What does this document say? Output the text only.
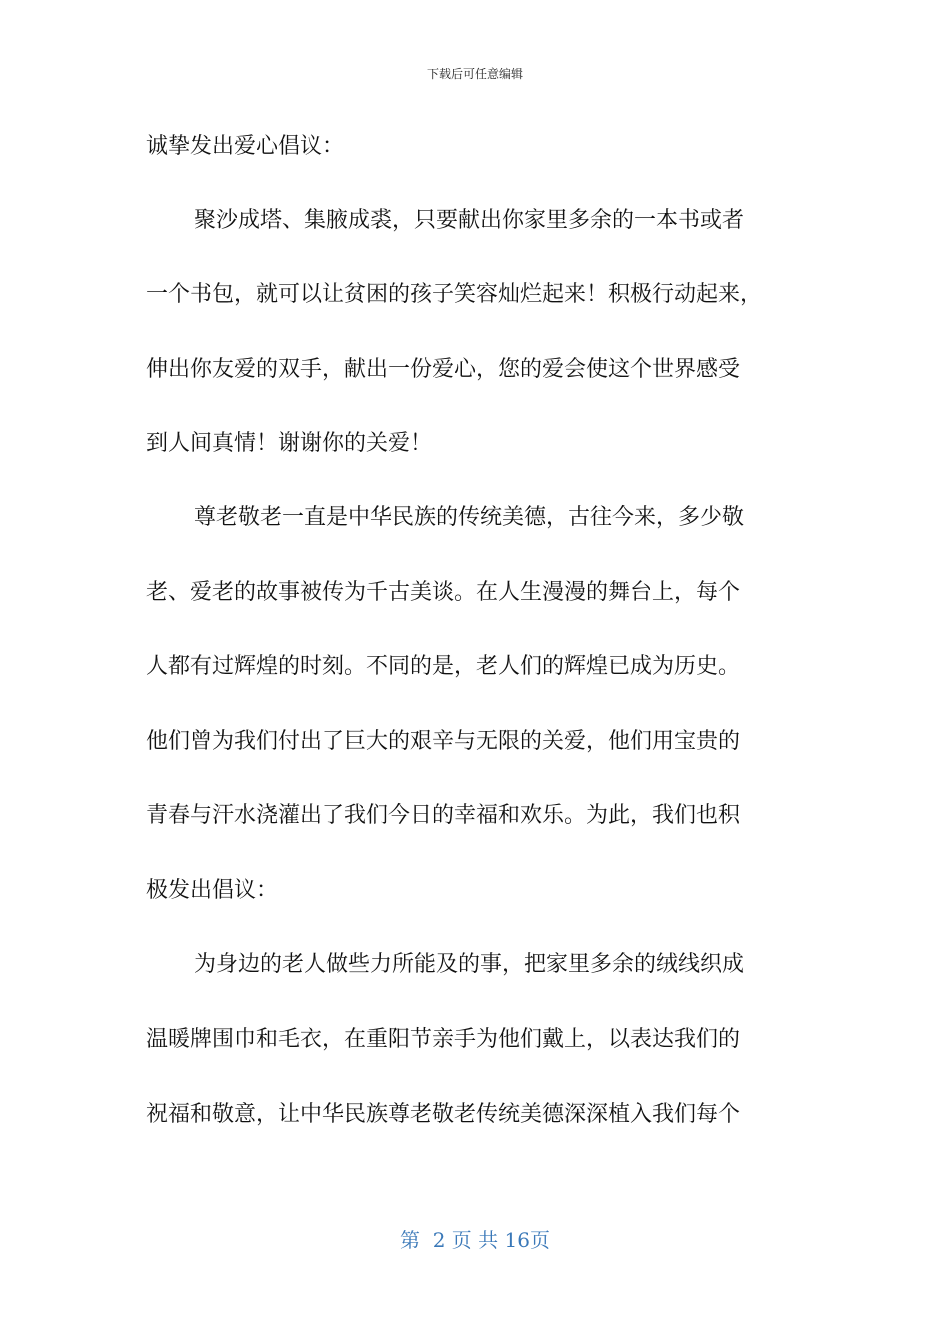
下载后可任意编辑
诚挚发出爱心倡议：
聚沙成塔、集腋成裘，只要献出你家里多余的一本书或者
一个书包，就可以让贫困的孩子笑容灿烂起来！积极行动起来，
伸出你友爱的双手，献出一份爱心，您的爱会使这个世界感受
到人间真情！谢谢你的关爱！
尊老敬老一直是中华民族的传统美德，古往今来，多少敬
老、爱老的故事被传为千古美谈。在人生漫漫的舞台上，每个
人都有过辉煌的时刻。不同的是，老人们的辉煌已成为历史。
他们曾为我们付出了巨大的艰辛与无限的关爱，他们用宝贵的
青春与汗水浇灌出了我们今日的幸福和欢乐。为此，我们也积
极发出倡议：
为身边的老人做些力所能及的事，把家里多余的绒线织成
温暖牌围巾和毛衣，在重阳节亲手为他们戴上，以表达我们的
祝福和敬意，让中华民族尊老敬老传统美德深深植入我们每个
第  2 页 共 16页
